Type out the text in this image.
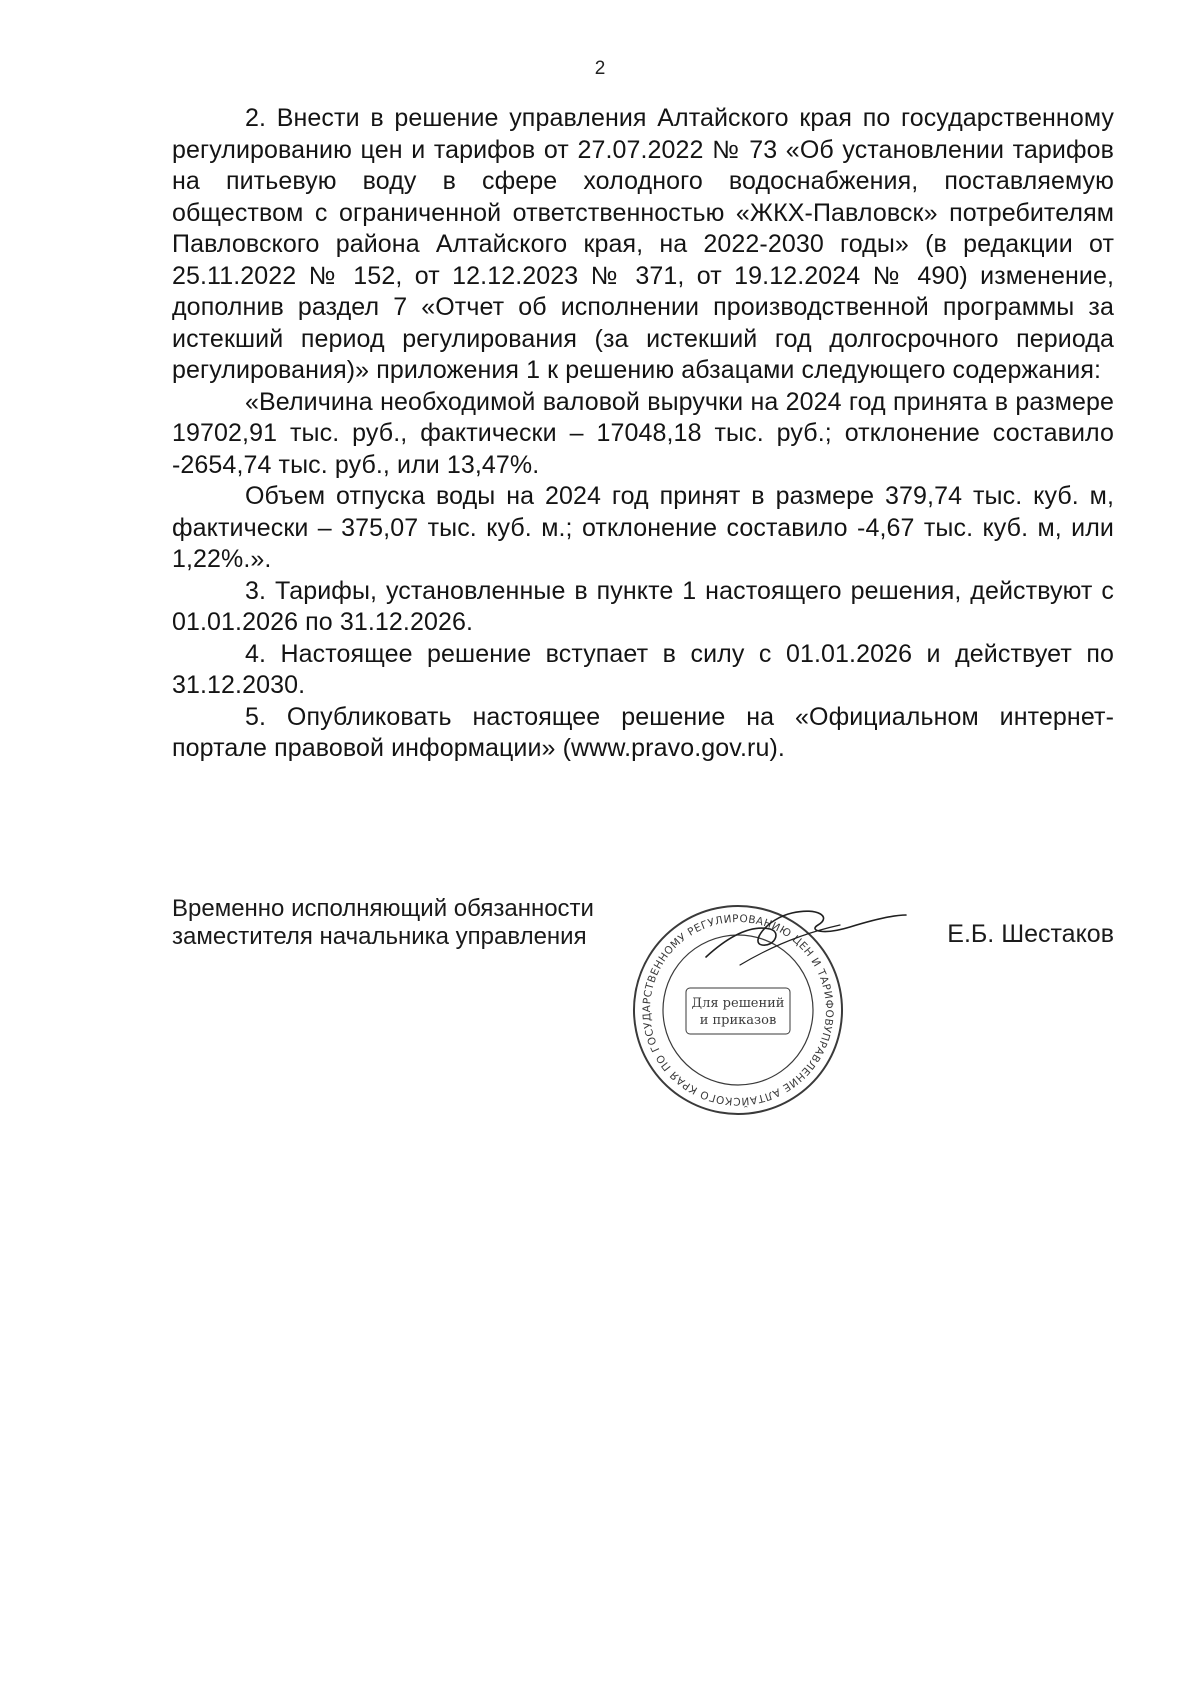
2

2. Внести в решение управления Алтайского края по государственному регулированию цен и тарифов от 27.07.2022 № 73 «Об установлении тарифов на питьевую воду в сфере холодного водоснабжения, поставляемую обществом с ограниченной ответственностью «ЖКХ-Павловск» потребителям Павловского района Алтайского края, на 2022-2030 годы» (в редакции от 25.11.2022 № 152, от 12.12.2023 № 371, от 19.12.2024 № 490) изменение, дополнив раздел 7 «Отчет об исполнении производственной программы за истекший период регулирования (за истекший год долгосрочного периода регулирования)» приложения 1 к решению абзацами следующего содержания:

«Величина необходимой валовой выручки на 2024 год принята в размере 19702,91 тыс. руб., фактически – 17048,18 тыс. руб.; отклонение составило -2654,74 тыс. руб., или 13,47%.

Объем отпуска воды на 2024 год принят в размере 379,74 тыс. куб. м, фактически – 375,07 тыс. куб. м.; отклонение составило -4,67 тыс. куб. м, или 1,22%.».

3. Тарифы, установленные в пункте 1 настоящего решения, действуют с 01.01.2026 по 31.12.2026.

4. Настоящее решение вступает в силу с 01.01.2026 и действует по 31.12.2030.

5. Опубликовать настоящее решение на «Официальном интернет-портале правовой информации» (www.pravo.gov.ru).

Временно исполняющий обязанности
заместителя начальника управления
УПРАВЛЕНИЕ АЛТАЙСКОГО КРАЯ ПО ГОСУДАРСТВЕННОМУ РЕГУЛИРОВАНИЮ ЦЕН И ТАРИФОВ
Для решений
и приказов
Е.Б. Шестаков
